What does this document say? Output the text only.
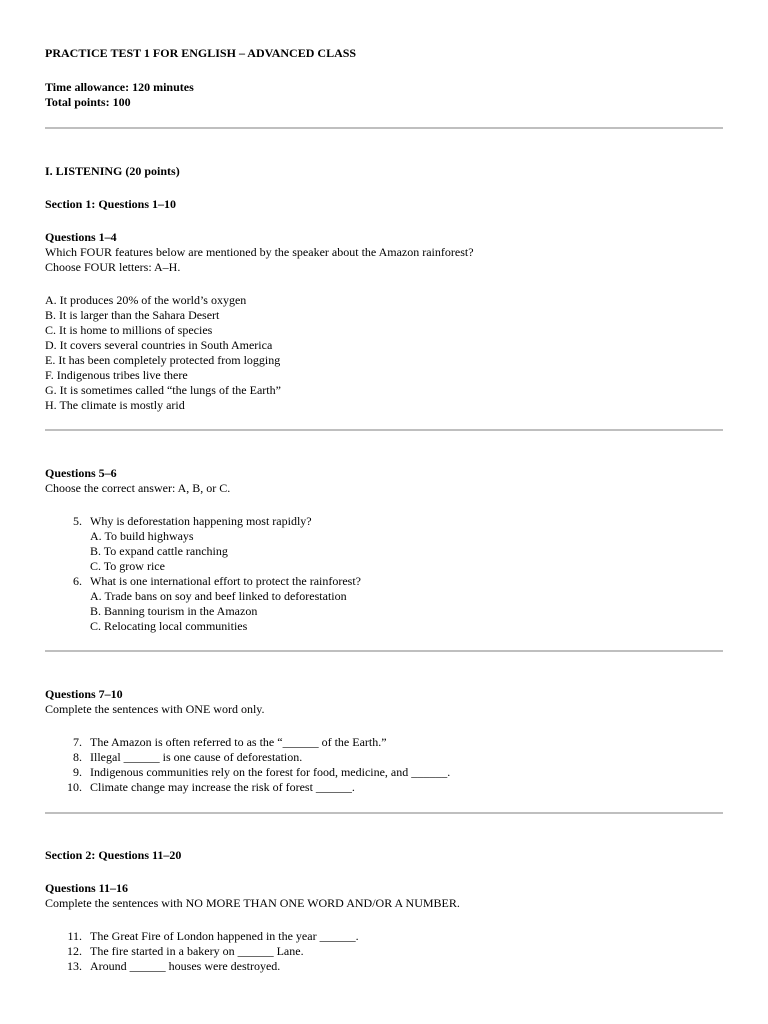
PRACTICE TEST 1 FOR ENGLISH – ADVANCED CLASS
Time allowance: 120 minutes
Total points: 100
I. LISTENING (20 points)
Section 1: Questions 1–10
Questions 1–4
Which FOUR features below are mentioned by the speaker about the Amazon rainforest?
Choose FOUR letters: A–H.
A. It produces 20% of the world’s oxygen
B. It is larger than the Sahara Desert
C. It is home to millions of species
D. It covers several countries in South America
E. It has been completely protected from logging
F. Indigenous tribes live there
G. It is sometimes called “the lungs of the Earth”
H. The climate is mostly arid
Questions 5–6
Choose the correct answer: A, B, or C.
5. Why is deforestation happening most rapidly?
A. To build highways
B. To expand cattle ranching
C. To grow rice
6. What is one international effort to protect the rainforest?
A. Trade bans on soy and beef linked to deforestation
B. Banning tourism in the Amazon
C. Relocating local communities
Questions 7–10
Complete the sentences with ONE word only.
7. The Amazon is often referred to as the “______ of the Earth.”
8. Illegal ______ is one cause of deforestation.
9. Indigenous communities rely on the forest for food, medicine, and ______.
10. Climate change may increase the risk of forest ______.
Section 2: Questions 11–20
Questions 11–16
Complete the sentences with NO MORE THAN ONE WORD AND/OR A NUMBER.
11. The Great Fire of London happened in the year ______.
12. The fire started in a bakery on ______ Lane.
13. Around ______ houses were destroyed.
